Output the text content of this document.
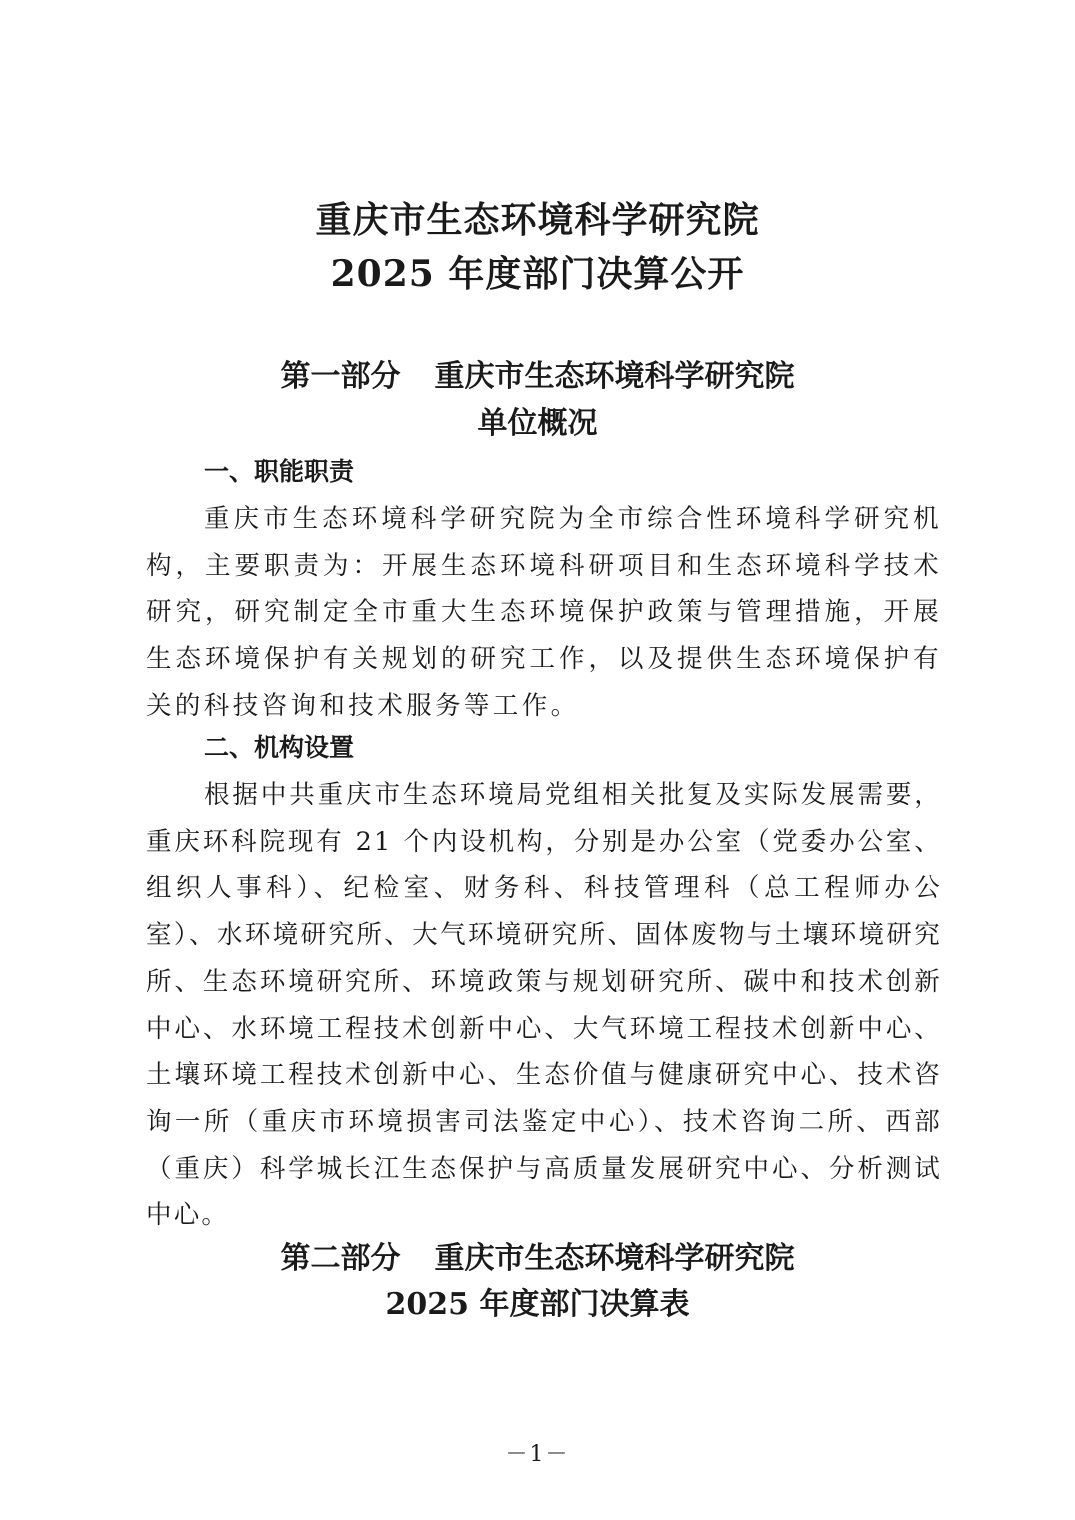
重庆市生态环境科学研究院
2025 年度部门决算公开
第一部分 重庆市生态环境科学研究院
单位概况
一、职能职责

重庆市生态环境科学研究院为全市综合性环境科学研究机构，主要职责为：开展生态环境科研项目和生态环境科学技术研究，研究制定全市重大生态环境保护政策与管理措施，开展生态环境保护有关规划的研究工作，以及提供生态环境保护有关的科技咨询和技术服务等工作。

二、机构设置

根据中共重庆市生态环境局党组相关批复及实际发展需要，重庆环科院现有 21 个内设机构，分别是办公室（党委办公室、组织人事科）、纪检室、财务科、科技管理科（总工程师办公室）、水环境研究所、大气环境研究所、固体废物与土壤环境研究所、生态环境研究所、环境政策与规划研究所、碳中和技术创新中心、水环境工程技术创新中心、大气环境工程技术创新中心、土壤环境工程技术创新中心、生态价值与健康研究中心、技术咨询一所（重庆市环境损害司法鉴定中心）、技术咨询二所、西部（重庆）科学城长江生态保护与高质量发展研究中心、分析测试中心。

第二部分 重庆市生态环境科学研究院
2025 年度部门决算表
－1－
